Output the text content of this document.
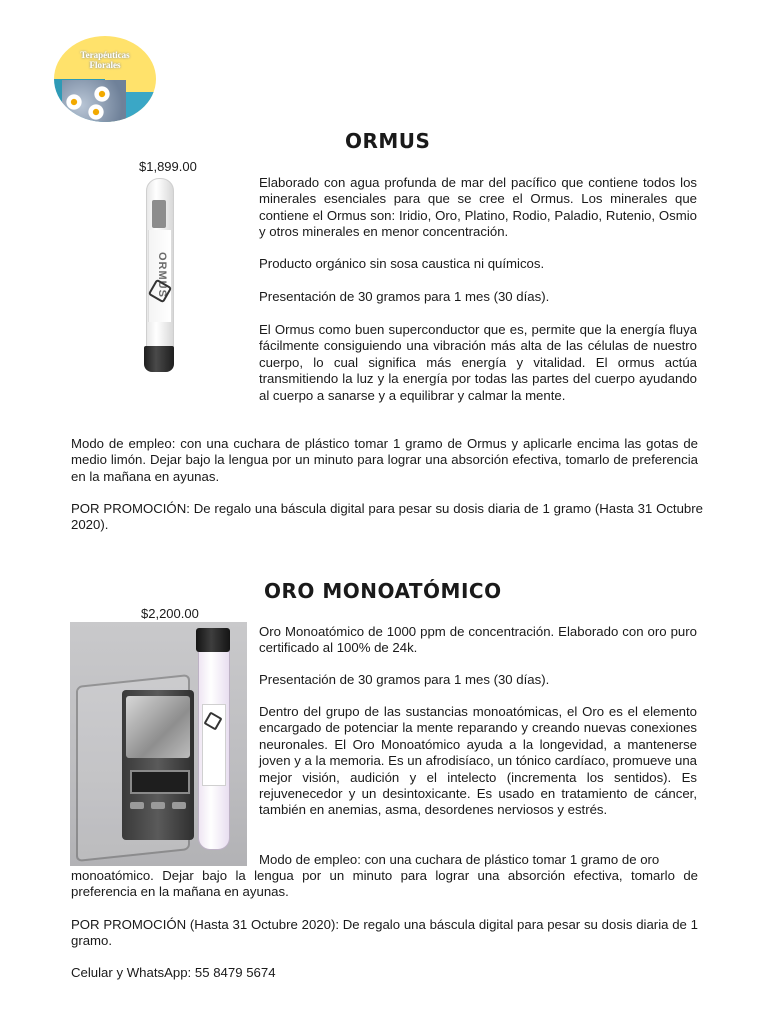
Terapéuticas
Florales
ORMUS
$1,899.00
ORMUS

Elaborado con agua profunda de mar del pacífico que contiene todos los minerales esenciales para que se cree el Ormus. Los minerales que contiene el Ormus son: Iridio, Oro, Platino, Rodio, Paladio, Rutenio, Osmio y otros minerales en menor concentración.

Producto orgánico sin sosa caustica ni químicos.

Presentación de 30 gramos para 1 mes (30 días).

El Ormus como buen superconductor que es, permite que la energía fluya fácilmente consiguiendo una vibración más alta de las células de nuestro cuerpo, lo cual significa más energía y vitalidad. El ormus actúa transmitiendo la luz y la energía por todas las partes del cuerpo ayudando al cuerpo a sanarse y a equilibrar y calmar la mente.

Modo de empleo: con una cuchara de plástico tomar 1 gramo de Ormus y aplicarle encima las gotas de medio limón. Dejar bajo la lengua por un minuto para lograr una absorción efectiva, tomarlo de preferencia en la mañana en ayunas.

POR PROMOCIÓN: De regalo una báscula digital para pesar su dosis diaria de 1 gramo (Hasta 31 Octubre 2020).

ORO MONOATÓMICO
$2,200.00

Oro Monoatómico de 1000 ppm de concentración. Elaborado con oro puro certificado al 100% de 24k.

Presentación de 30 gramos para 1 mes (30 días).

Dentro del grupo de las sustancias monoatómicas, el Oro es el elemento encargado de potenciar la mente reparando y creando nuevas conexiones neuronales. El Oro Monoatómico ayuda a la longevidad, a mantenerse joven y a la memoria. Es un afrodisíaco, un tónico cardíaco, promueve una mejor visión, audición y el intelecto (incrementa los sentidos). Es rejuvenecedor y un desintoxicante. Es usado en tratamiento de cáncer, también en anemias, asma, desordenes nerviosos y estrés.

Modo de empleo: con una cuchara de plástico tomar 1 gramo de oro

monoatómico. Dejar bajo la lengua por un minuto para lograr una absorción efectiva, tomarlo de preferencia en la mañana en ayunas.

POR PROMOCIÓN (Hasta 31 Octubre 2020): De regalo una báscula digital para pesar su dosis diaria de 1 gramo.

Celular y WhatsApp: 55 8479 5674
